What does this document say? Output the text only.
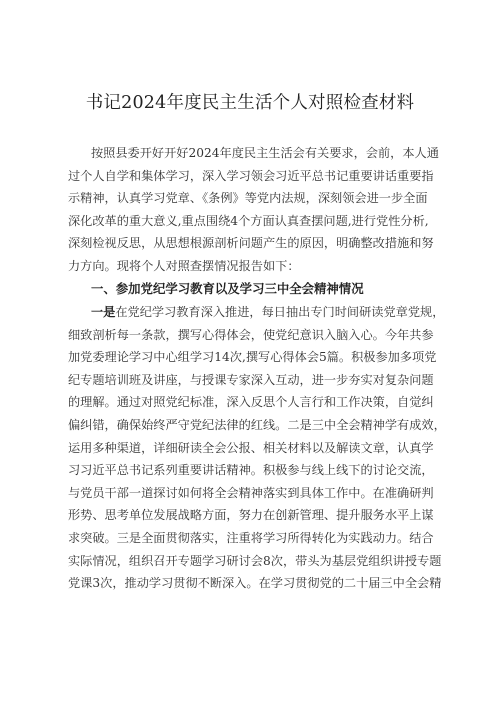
书记2024年度民主生活个人对照检查材料
按照县委开好开好2024年度民主生活会有关要求，会前，本人通
过个人自学和集体学习，深入学习领会习近平总书记重要讲话重要指
示精神，认真学习党章、《条例》等党内法规，深刻领会进一步全面
深化改革的重大意义,重点围绕4个方面认真查摆问题,进行党性分析,
深刻检视反思，从思想根源剖析问题产生的原因，明确整改措施和努
力方向。现将个人对照查摆情况报告如下：
一、参加党纪学习教育以及学习三中全会精神情况
一是在党纪学习教育深入推进，每日抽出专门时间研读党章党规，
细致剖析每一条款，撰写心得体会，使党纪意识入脑入心。今年共参
加党委理论学习中心组学习14次,撰写心得体会5篇。积极参加多项党
纪专题培训班及讲座，与授课专家深入互动，进一步夯实对复杂问题
的理解。通过对照党纪标准，深入反思个人言行和工作决策，自觉纠
偏纠错，确保始终严守党纪法律的红线。二是三中全会精神学有成效，
运用多种渠道，详细研读全会公报、相关材料以及解读文章，认真学
习习近平总书记系列重要讲话精神。积极参与线上线下的讨论交流，
与党员干部一道探讨如何将全会精神落实到具体工作中。在准确研判
形势、思考单位发展战略方面，努力在创新管理、提升服务水平上谋
求突破。三是全面贯彻落实，注重将学习所得转化为实践动力。结合
实际情况，组织召开专题学习研讨会8次，带头为基层党组织讲授专题
党课3次，推动学习贯彻不断深入。在学习贯彻党的二十届三中全会精
